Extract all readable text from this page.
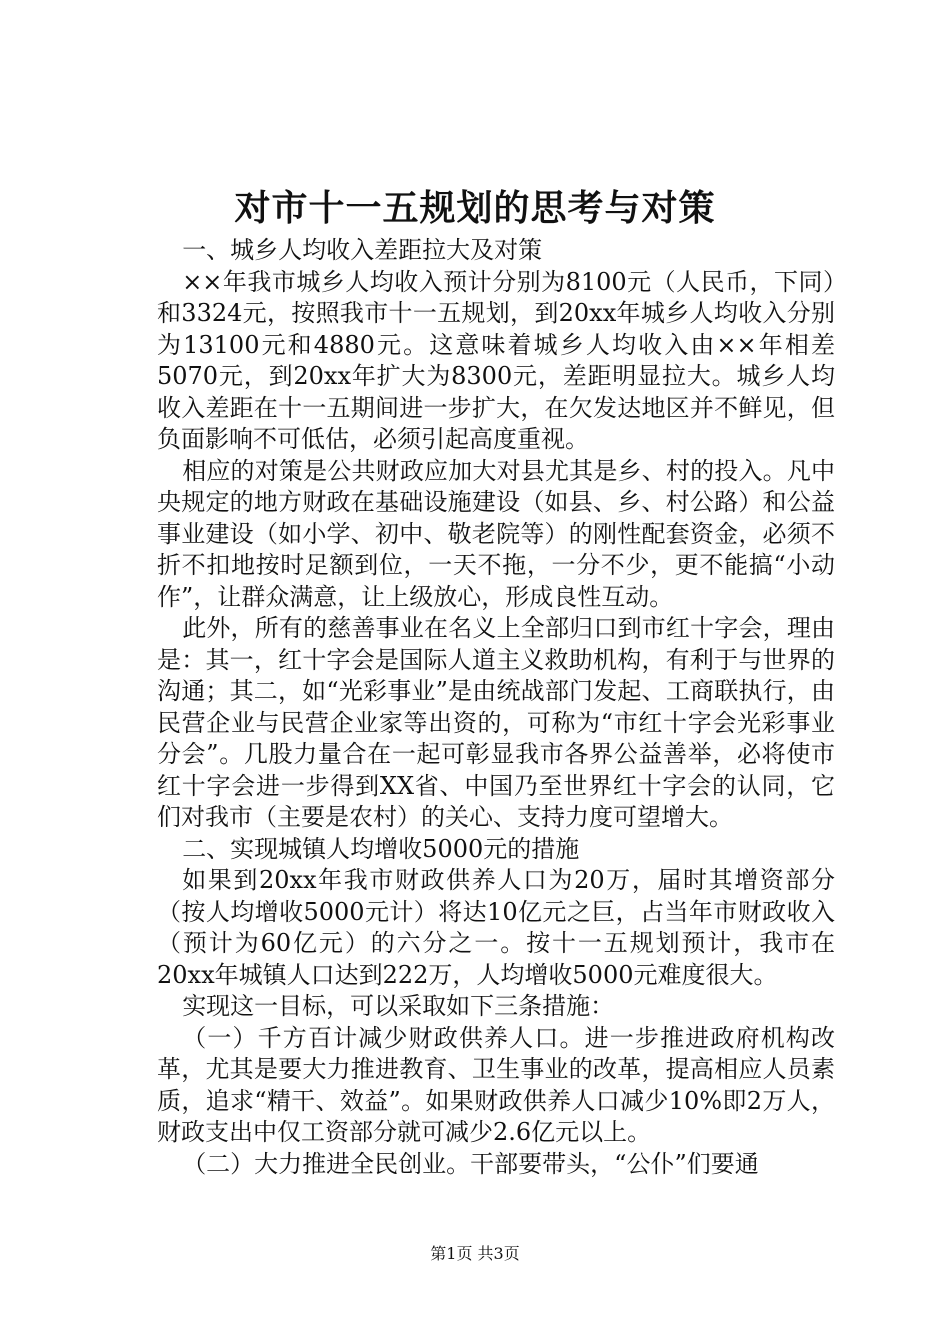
对市十一五规划的思考与对策

一、城乡人均收入差距拉大及对策

××年我市城乡人均收入预计分别为8100元（人民币，下同）和3324元，按照我市十一五规划，到20xx年城乡人均收入分别为13100元和4880元。这意味着城乡人均收入由××年相差5070元，到20xx年扩大为8300元，差距明显拉大。城乡人均收入差距在十一五期间进一步扩大，在欠发达地区并不鲜见，但负面影响不可低估，必须引起高度重视。

相应的对策是公共财政应加大对县尤其是乡、村的投入。凡中央规定的地方财政在基础设施建设（如县、乡、村公路）和公益事业建设（如小学、初中、敬老院等）的刚性配套资金，必须不折不扣地按时足额到位，一天不拖，一分不少，更不能搞“小动作”，让群众满意，让上级放心，形成良性互动。

此外，所有的慈善事业在名义上全部归口到市红十字会，理由是：其一，红十字会是国际人道主义救助机构，有利于与世界的沟通；其二，如“光彩事业”是由统战部门发起、工商联执行，由民营企业与民营企业家等出资的，可称为“市红十字会光彩事业分会”。几股力量合在一起可彰显我市各界公益善举，必将使市红十字会进一步得到XX省、中国乃至世界红十字会的认同，它们对我市（主要是农村）的关心、支持力度可望增大。

二、实现城镇人均增收5000元的措施

如果到20xx年我市财政供养人口为20万，届时其增资部分（按人均增收5000元计）将达10亿元之巨，占当年市财政收入（预计为60亿元）的六分之一。按十一五规划预计，我市在20xx年城镇人口达到222万，人均增收5000元难度很大。

实现这一目标，可以采取如下三条措施：

（一）千方百计减少财政供养人口。进一步推进政府机构改革，尤其是要大力推进教育、卫生事业的改革，提高相应人员素质，追求“精干、效益”。如果财政供养人口减少10%即2万人，财政支出中仅工资部分就可减少2.6亿元以上。

（二）大力推进全民创业。干部要带头，“公仆”们要通

第1页 共3页
